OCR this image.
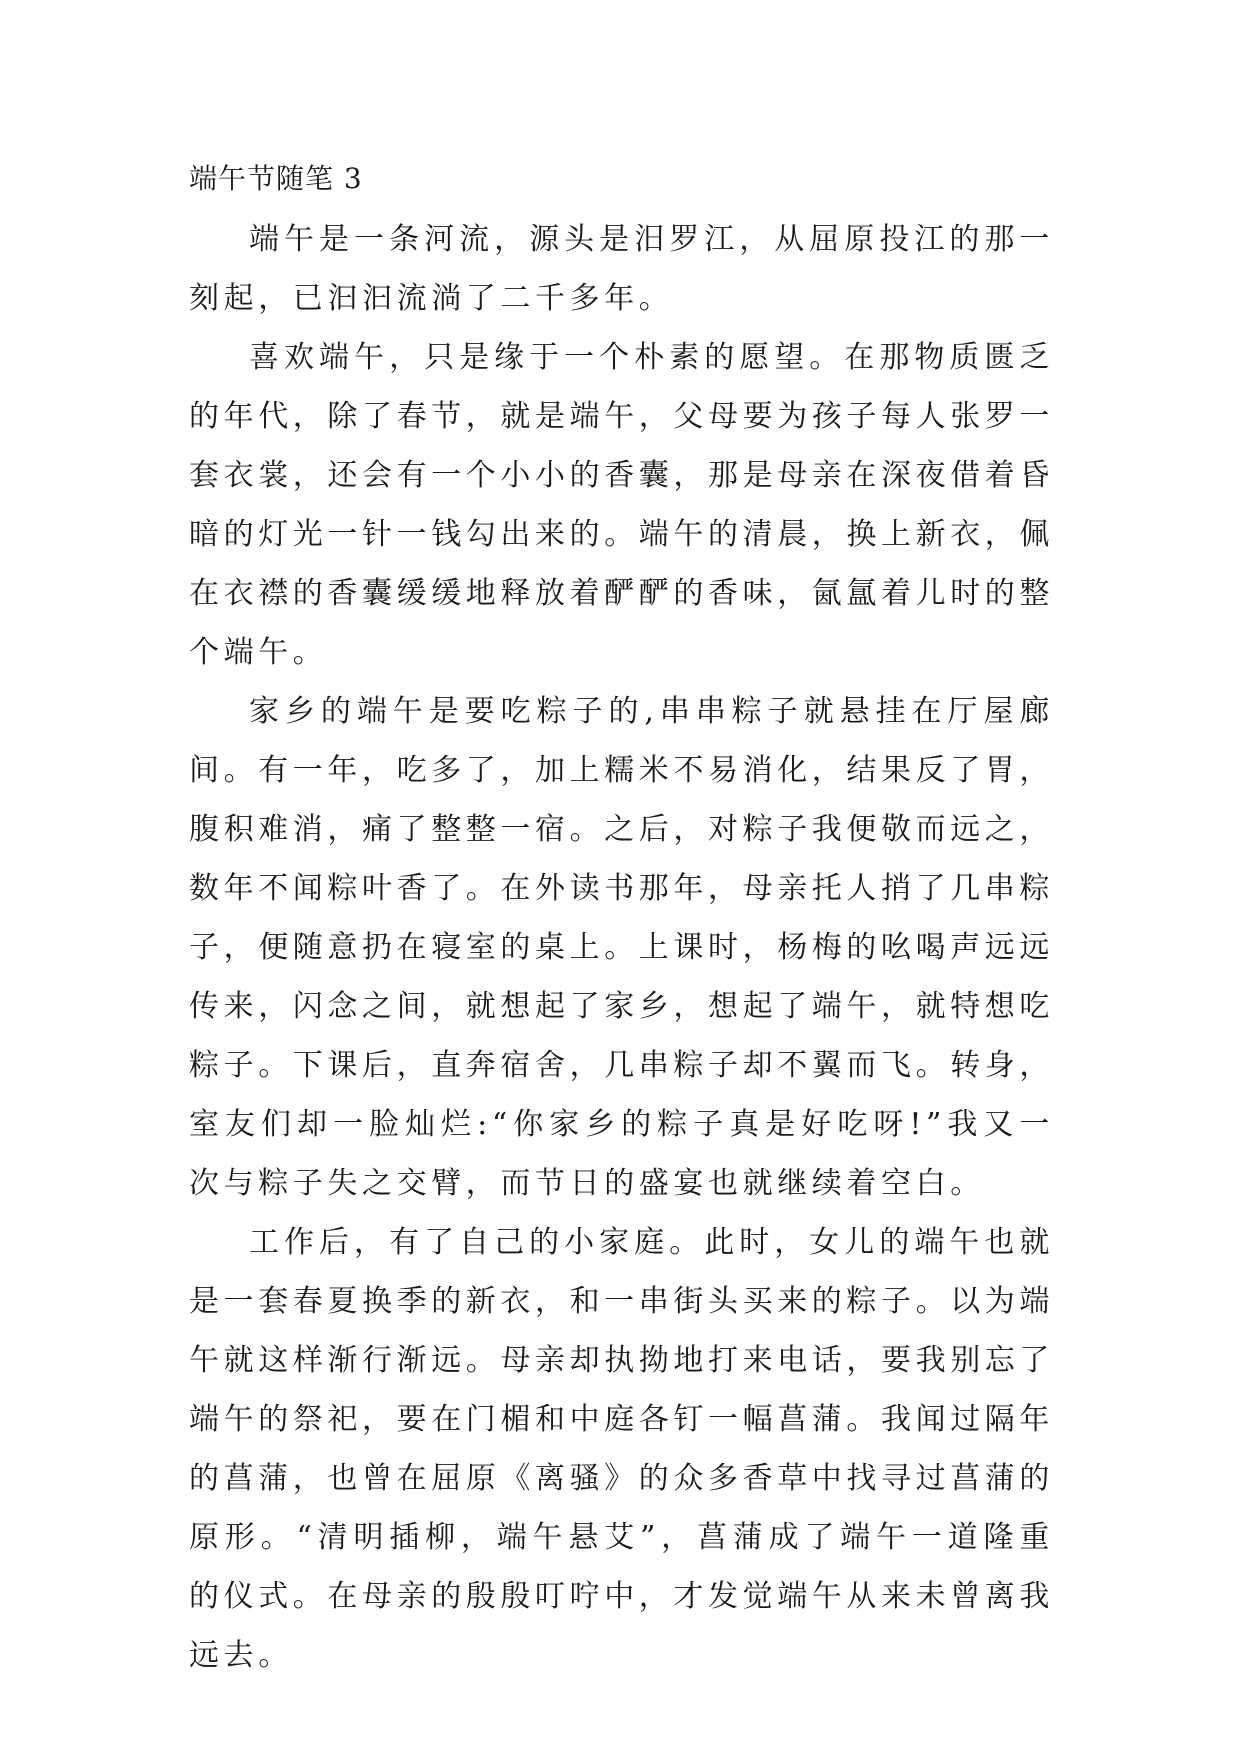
端午节随笔 3

端午是一条河流，源头是汨罗江，从屈原投江的那一刻起，已汩汩流淌了二千多年。

喜欢端午，只是缘于一个朴素的愿望。在那物质匮乏的年代，除了春节，就是端午，父母要为孩子每人张罗一套衣裳，还会有一个小小的香囊，那是母亲在深夜借着昏暗的灯光一针一钱勾出来的。端午的清晨，换上新衣，佩在衣襟的香囊缓缓地释放着酽酽的香味，氤氲着儿时的整个端午。

家乡的端午是要吃粽子的,串串粽子就悬挂在厅屋廊间。有一年，吃多了，加上糯米不易消化，结果反了胃，腹积难消，痛了整整一宿。之后，对粽子我便敬而远之，数年不闻粽叶香了。在外读书那年，母亲托人捎了几串粽子，便随意扔在寝室的桌上。上课时，杨梅的吆喝声远远传来，闪念之间，就想起了家乡，想起了端午，就特想吃粽子。下课后，直奔宿舍，几串粽子却不翼而飞。转身，室友们却一脸灿烂:“你家乡的粽子真是好吃呀!”我又一次与粽子失之交臂，而节日的盛宴也就继续着空白。

工作后，有了自己的小家庭。此时，女儿的端午也就是一套春夏换季的新衣，和一串街头买来的粽子。以为端午就这样渐行渐远。母亲却执拗地打来电话，要我别忘了端午的祭祀，要在门楣和中庭各钉一幅菖蒲。我闻过隔年的菖蒲，也曾在屈原《离骚》的众多香草中找寻过菖蒲的原形。“清明插柳，端午悬艾”，菖蒲成了端午一道隆重的仪式。在母亲的殷殷叮咛中，才发觉端午从来未曾离我远去。
